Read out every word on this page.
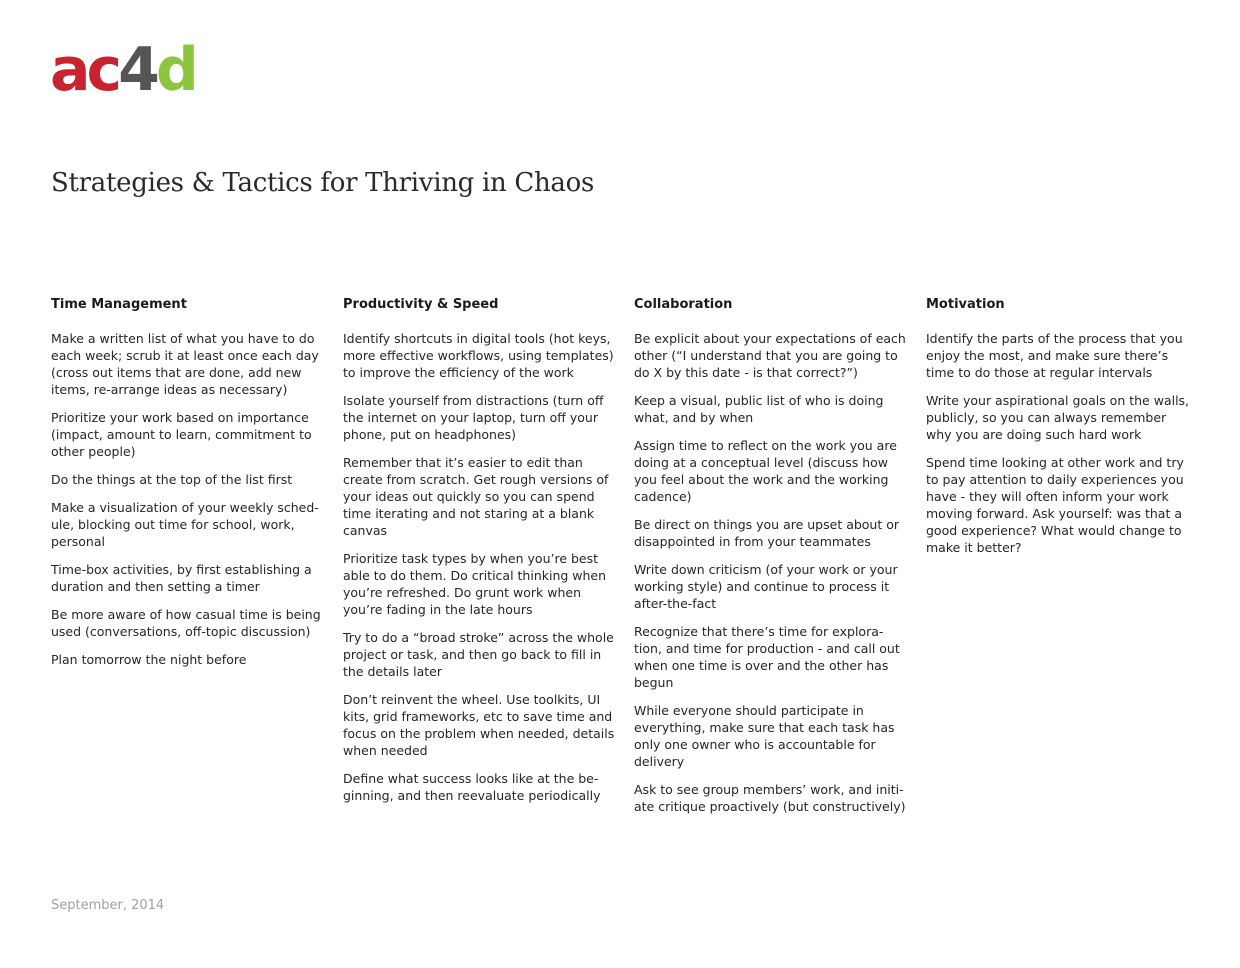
ac4d
Strategies & Tactics for Thriving in Chaos
Time Management

Make a written list of what you have to do each week; scrub it at least once each day (cross out items that are done, add new items, re-arrange ideas as necessary)

Prioritize your work based on importance (impact, amount to learn, commitment to other people)

Do the things at the top of the list first

Make a visualization of your weekly sched-ule, blocking out time for school, work, personal

Time-box activities, by first establishing a duration and then setting a timer

Be more aware of how casual time is being used (conversations, off-topic discussion)

Plan tomorrow the night before

Productivity & Speed

Identify shortcuts in digital tools (hot keys, more effective workflows, using templates) to improve the efficiency of the work

Isolate yourself from distractions (turn off the internet on your laptop, turn off your phone, put on headphones)

Remember that it’s easier to edit than create from scratch. Get rough versions of your ideas out quickly so you can spend time iterating and not staring at a blank canvas

Prioritize task types by when you’re best able to do them. Do critical thinking when you’re refreshed. Do grunt work when you’re fading in the late hours

Try to do a “broad stroke” across the whole project or task, and then go back to fill in the details later

Don’t reinvent the wheel. Use toolkits, UI kits, grid frameworks, etc to save time and focus on the problem when needed, details when needed

Define what success looks like at the be-ginning, and then reevaluate periodically

Collaboration

Be explicit about your expectations of each other (“I understand that you are going to do X by this date - is that correct?”)

Keep a visual, public list of who is doing what, and by when

Assign time to reflect on the work you are doing at a conceptual level (discuss how you feel about the work and the working cadence)

Be direct on things you are upset about or disappointed in from your teammates

Write down criticism (of your work or your working style) and continue to process it after-the-fact

Recognize that there’s time for explora-tion, and time for production - and call out when one time is over and the other has begun

While everyone should participate in everything, make sure that each task has only one owner who is accountable for delivery

Ask to see group members’ work, and initi-ate critique proactively (but constructively)

Motivation

Identify the parts of the process that you enjoy the most, and make sure there’s time to do those at regular intervals

Write your aspirational goals on the walls, publicly, so you can always remember why you are doing such hard work

Spend time looking at other work and try to pay attention to daily experiences you have - they will often inform your work moving forward. Ask yourself: was that a good experience? What would change to make it better?

September, 2014
